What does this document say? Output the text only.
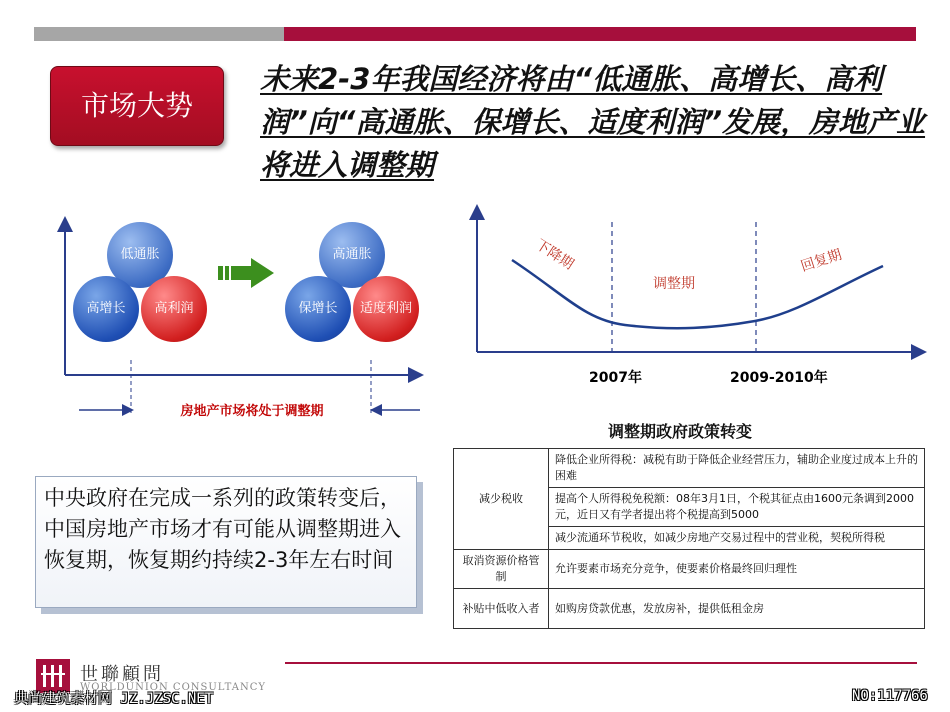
市场大势
未来2-3年我国经济将由“低通胀、高增长、高利润”向“高通胀、保增长、适度利润”发展，房地产业将进入调整期
低通胀
高增长	高利润
高通胀
保增长	适度利润
房地产市场将处于调整期
下降期
调整期
回复期
2007年	2009-2010年
调整期政府政策转变
减少税收	降低企业所得税：减税有助于降低企业经营压力，辅助企业度过成本上升的困难
	提高个人所得税免税额：08年3月1日，个税其征点由1600元条调到2000元，近日又有学者提出将个税提高到5000
	减少流通环节税收，如减少房地产交易过程中的营业税，契税所得税
取消资源价格管制	允许要素市场充分竞争，使要素价格最终回归理性
补贴中低收入者	如购房贷款优惠，发放房补，提供低租金房
中央政府在完成一系列的政策转变后，中国房地产市场才有可能从调整期进入恢复期，恢复期约持续2-3年左右时间
世聯顧問
WORLDUNION CONSULTANCY
典尚建筑素材网 JZ.JZSC.NET	NO:117766
